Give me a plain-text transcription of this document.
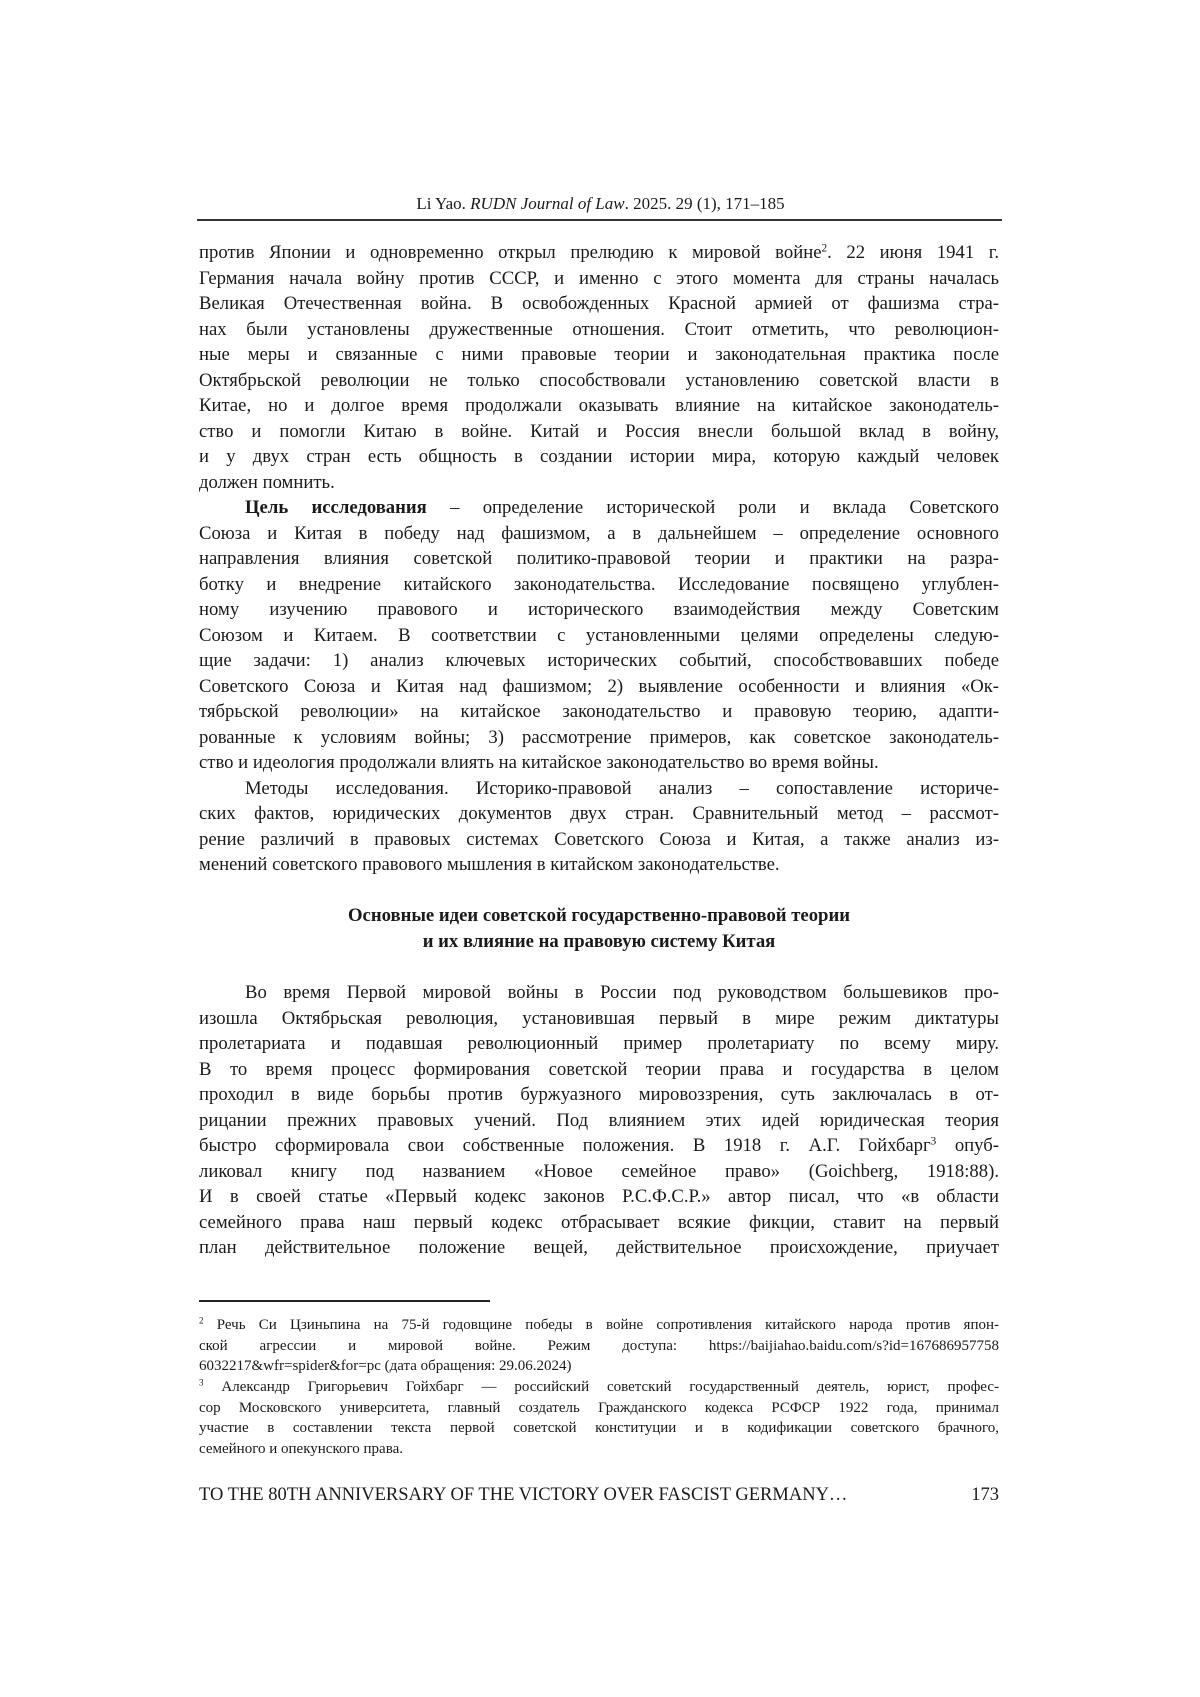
Li Yao. RUDN Journal of Law. 2025. 29 (1), 171–185
против Японии и одновременно открыл прелюдию к мировой войне2. 22 июня 1941 г.
Германия начала войну против СССР, и именно с этого момента для страны началась
Великая Отечественная война. В освобожденных Красной армией от фашизма стра-
нах были установлены дружественные отношения. Стоит отметить, что революцион-
ные меры и связанные с ними правовые теории и законодательная практика после
Октябрьской революции не только способствовали установлению советской власти в
Китае, но и долгое время продолжали оказывать влияние на китайское законодатель-
ство и помогли Китаю в войне. Китай и Россия внесли большой вклад в войну,
и у двух стран есть общность в создании истории мира, которую каждый человек
должен помнить.
Цель исследования – определение исторической роли и вклада Советского
Союза и Китая в победу над фашизмом, а в дальнейшем – определение основного
направления влияния советской политико-правовой теории и практики на разра-
ботку и внедрение китайского законодательства. Исследование посвящено углублен-
ному изучению правового и исторического взаимодействия между Советским
Союзом и Китаем. В соответствии с установленными целями определены следую-
щие задачи: 1) анализ ключевых исторических событий, способствовавших победе
Советского Союза и Китая над фашизмом; 2) выявление особенности и влияния «Ок-
тябрьской революции» на китайское законодательство и правовую теорию, адапти-
рованные к условиям войны; 3) рассмотрение примеров, как советское законодатель-
ство и идеология продолжали влиять на китайское законодательство во время войны.
Методы исследования. Историко-правовой анализ – сопоставление историче-
ских фактов, юридических документов двух стран. Сравнительный метод – рассмот-
рение различий в правовых системах Советского Союза и Китая, а также анализ из-
менений советского правового мышления в китайском законодательстве.
Основные идеи советской государственно-правовой теории
и их влияние на правовую систему Китая
Во время Первой мировой войны в России под руководством большевиков про-
изошла Октябрьская революция, установившая первый в мире режим диктатуры
пролетариата и подавшая революционный пример пролетариату по всему миру.
В то время процесс формирования советской теории права и государства в целом
проходил в виде борьбы против буржуазного мировоззрения, суть заключалась в от-
рицании прежних правовых учений. Под влиянием этих идей юридическая теория
быстро сформировала свои собственные положения. В 1918 г. А.Г. Гойхбарг3 опуб-
ликовал книгу под названием «Новое семейное право» (Goichberg, 1918:88).
И в своей статье «Первый кодекс законов Р.С.Ф.С.Р.» автор писал, что «в области
семейного права наш первый кодекс отбрасывает всякие фикции, ставит на первый
план действительное положение вещей, действительное происхождение, приучает
2 Речь Си Цзиньпина на 75-й годовщине победы в войне сопротивления китайского народа против япон-
ской агрессии и мировой войне. Режим доступа: https://baijiahao.baidu.com/s?id=167686957758
6032217&wfr=spider&for=pc (дата обращения: 29.06.2024)
3 Александр Григорьевич Гойхбарг — российский советский государственный деятель, юрист, профес-
сор Московского университета, главный создатель Гражданского кодекса РСФСР 1922 года, принимал
участие в составлении текста первой советской конституции и в кодификации советского брачного,
семейного и опекунского права.
TO THE 80TH ANNIVERSARY OF THE VICTORY OVER FASCIST GERMANY…	173
